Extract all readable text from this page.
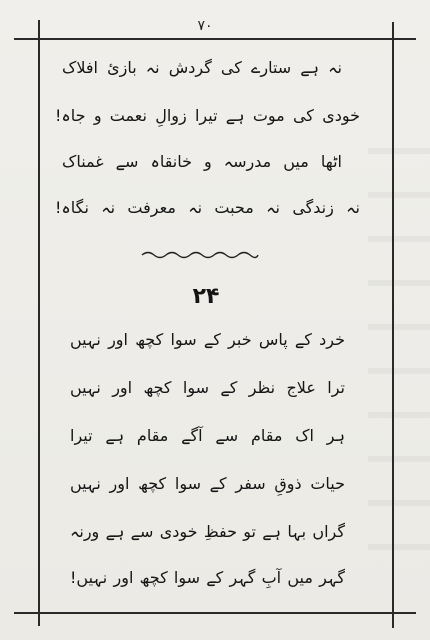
۷۰
نہ ہے ستارے کی گردش نہ بازیٔ افلاک
خودی کی موت ہے تیرا زوالِ نعمت و جاہ!
اٹھا میں مدرسہ و خانقاہ سے غمناک
نہ زندگی نہ محبت نہ معرفت نہ نگاہ!
۲۴
خرد کے پاس خبر کے سوا کچھ اور نہیں
ترا علاج نظر کے سوا کچھ اور نہیں
ہر اک مقام سے آگے مقام ہے تیرا
حیات ذوقِ سفر کے سوا کچھ اور نہیں
گراں بہا ہے تو حفظِ خودی سے ہے ورنہ
گہر میں آبِ گہر کے سوا کچھ اور نہیں!
